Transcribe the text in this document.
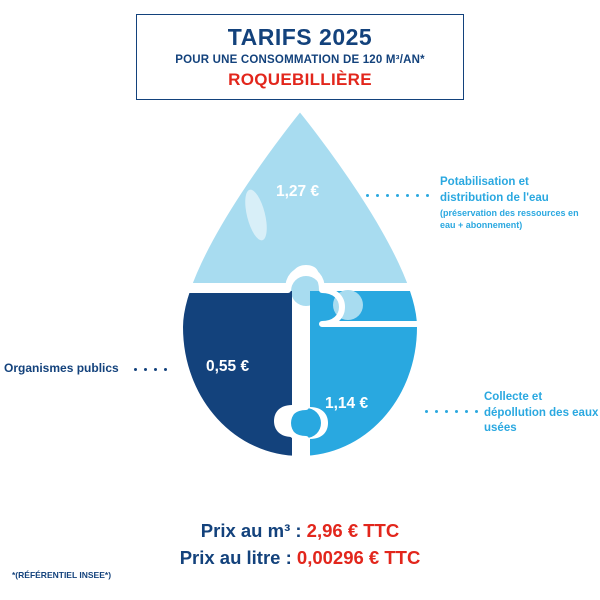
TARIFS 2025
POUR UNE CONSOMMATION DE 120 M³/AN*
ROQUEBILLIÈRE
1,27 €
0,55 €
1,14 €
Potabilisation et distribution de l'eau
(préservation des ressources en eau + abonnement)
Collecte et dépollution des eaux usées
Organismes publics
Prix au m³ : 2,96 € TTC
Prix au litre : 0,00296 € TTC
*(RÉFÉRENTIEL INSEE*)
